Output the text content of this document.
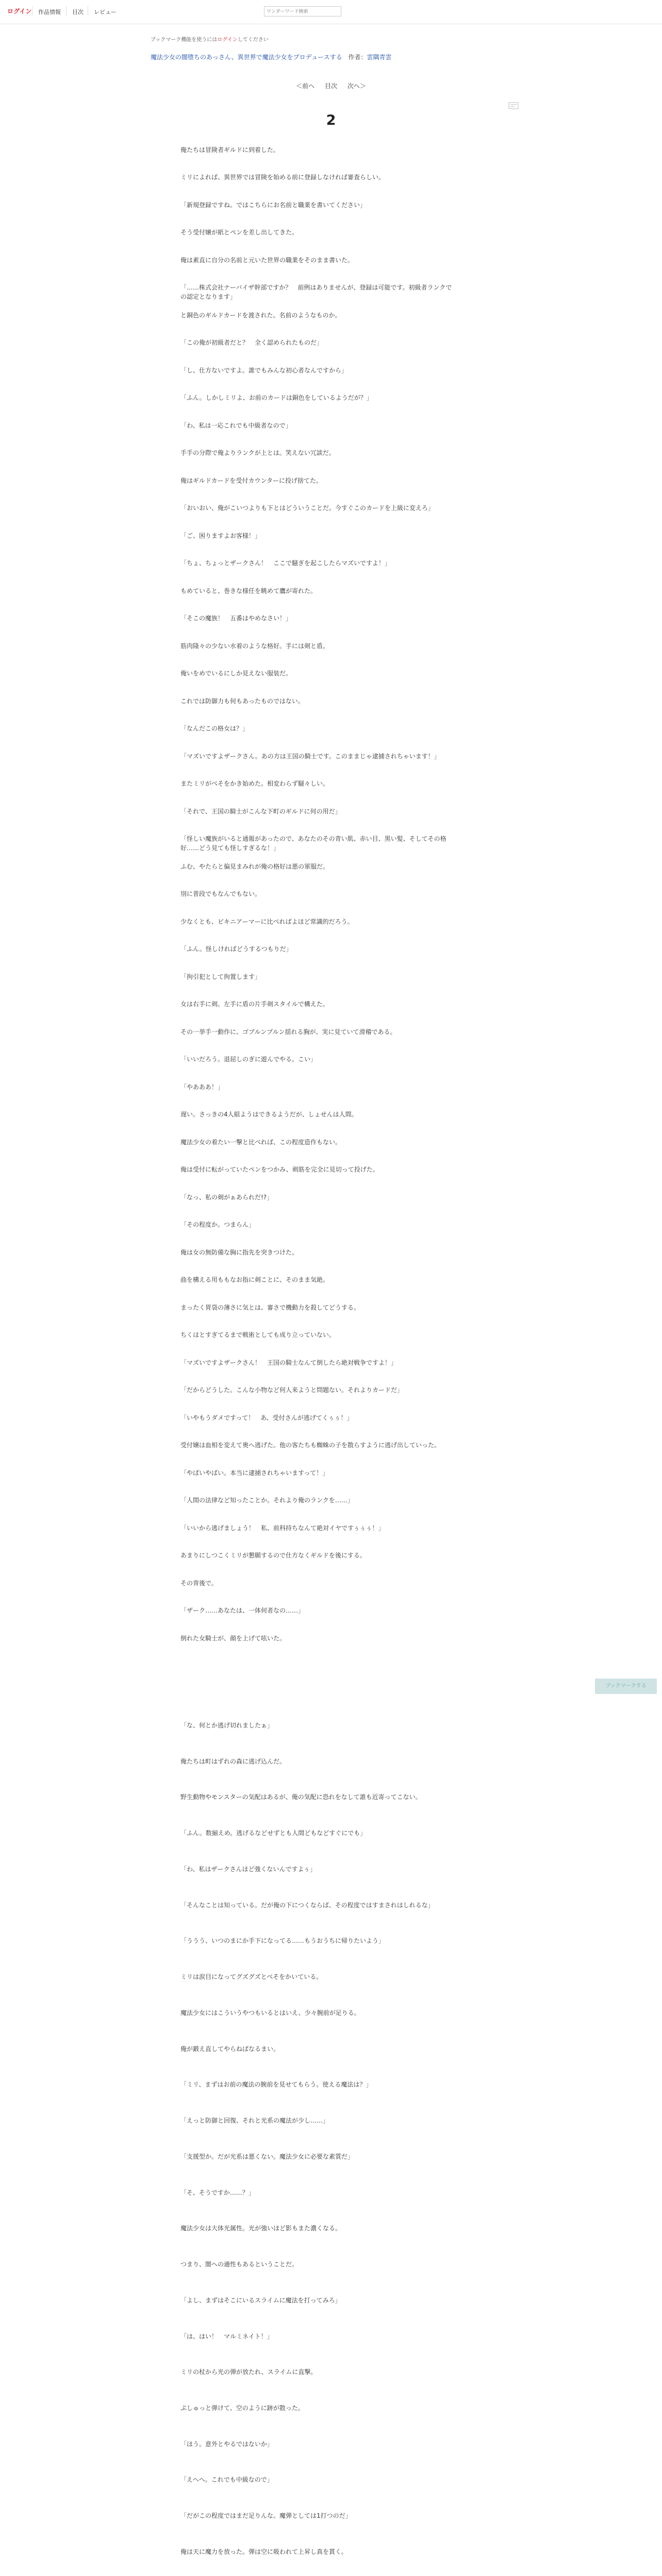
ログイン 作品情報 目次 レビュー
ワンダーワード検索
ブックマーク機能を使うにはログインしてください
魔法少女の闇堕ちのあっさん、異世界で魔法少女をプロデュースする 作者：雲隅青雲
＜前へ 目次 次へ＞
2

俺たちは冒険者ギルドに到着した。

ミリによれば、異世界では冒険を始める前に登録しなければ審査らしい。

「新規登録ですね。ではこちらにお名前と職業を書いてください」

そう受付嬢が紙とペンを差し出してきた。

俺は素直に自分の名前と元いた世界の職業をそのまま書いた。

「……株式会社ナーバイザ幹部ですか？　前例はありませんが、登録は可能です。初級者ランクでの認定となります」

と銅色のギルドカードを渡された。名前のようなものか。

「この俺が初級者だと？　全く認められたものだ」

「し、仕方ないですよ。誰でもみんな初心者なんですから」

「ふん。しかしミリよ、お前のカードは銅色をしているようだが？」

「わ、私は一応これでも中級者なので」

手手の分際で俺よりランクが上とは。笑えない冗談だ。

俺はギルドカードを受付カウンターに投げ捨てた。

「おいおい、俺がこいつよりも下とはどういうことだ。今すぐこのカードを上級に変えろ」

「ご、困りますよお客様！」

「ちょ、ちょっとザークさん！　ここで騒ぎを起こしたらマズいですよ！」

もめていると、巻きな様任を眺めて鷹が寄れた。

「そこの魔族！　五番はやめなさい！」

筋肉隆々の少ない水着のような格好。手には剣と盾。

俺いをめでいるにしか見えない服装だ。

これでは防御力も何もあったものではない。

「なんだこの格女は？」

「マズいですよザークさん。あの方は王国の騎士です。このままじゃ逮捕されちゃいます！」

またミリがべそをかき始めた。相変わらず騒々しい。

「それで、王国の騎士がこんな下町のギルドに何の用だ」

「怪しい魔族がいると通報があったので、あなたのその青い肌、赤い目、黒い髪、そしてその格好……どう見ても怪しすぎるな！」

ふむ、やたらと偏見まみれが俺の格好は悪の軍服だ。

別に普段でもなんでもない。

少なくとも、ビキニアーマーに比べればよほど常識的だろう。

「ふん。怪しければどうするつもりだ」

「拘引犯として拘置します」

女は右手に剣、左手に盾の片手剣スタイルで構えた。

その一挙手一動作に、ゴブルンブルン揺れる胸が、実に見ていて滑稽である。

「いいだろう。退屈しのぎに遊んでやる。こい」

「やあああ！」

遅い。さっきの4人組ようはできるようだが、しょせんは人間。

魔法少女の着たい一撃と比べれば、この程度造作もない。

俺は受付に転がっていたペンをつかみ、剣筋を完全に見切って投げた。

「なっ、私の剣がぁあられだ!?」

「その程度か。つまらん」

俺は女の無防備な胸に指先を突きつけた。

曲を構える用ももなお指に剣ことに、そのまま気絶。

まったく胃袋の薄さに気とは、審さで機動力を殺してどうする。

ちくはとすぎてるまで戦術としても成り立っていない。

「マズいですよザークさん！　王国の騎士なんて倒したら絶対戦争ですよ！」

「だからどうした。こんな小物など何人来ようと問題ない。それよりカードだ」

「いやもうダメですって！　あ、受付さんが逃げてくぅぅ！」

受付嬢は血相を変えて奥へ逃げた。他の客たちも蜘蛛の子を散らすように逃げ出していった。

「やばいやばい。本当に逮捕されちゃいますって！」

「人間の法律など知ったことか。それより俺のランクを……」

「いいから逃げましょう！　私、前科持ちなんて絶対イヤですぅぅぅ！」

あまりにしつこくミリが懇願するので仕方なくギルドを後にする。

その背後で。

「ザーク……あなたは、一体何者なの……」

倒れた女騎士が、顔を上げて呟いた。

「な、何とか逃げ切れましたぁ」

俺たちは町はずれの森に逃げ込んだ。

野生動物やモンスターの気配はあるが、俺の気配に恐れをなして誰も近寄ってこない。

「ふん。数揃えめ。逃げるなどせずとも人間どもなどすぐにでも」

「わ、私はザークさんほど強くないんですよぅ」

「そんなことは知っている。だが俺の下につくならば、その程度ではすまされはしれるな」

「ううう、いつのまにか手下になってる……もうおうちに帰りたいよう」

ミリは涙目になってグズグズとべそをかいている。

魔法少女にはこういうやつもいるとはいえ、少々腕前が足りる。

俺が鍛え直してやらねばなるまい。

「ミリ、まずはお前の魔法の腕前を見せてもらう。使える魔法は？」

「えっと防御と回復、それと光系の魔法が少し……」

「支援型か。だが光系は悪くない。魔法少女に必要な素質だ」

「そ、そうですか……？」

魔法少女は大体光属性。光が強いほど影もまた濃くなる。

つまり、闇への適性もあるということだ。

「よし、まずはそこにいるスライムに魔法を打ってみろ」

「は、はい！　マルミネイト！」

ミリの杖から光の弾が放たれ、スライムに直撃。

ぷしゅっと弾けて、空のように跡が散った。

「ほう。意外とやるではないか」

「えへへ。これでも中級なので」

「だがこの程度ではまだ足りんな。魔弾としては1打つのだ」

俺は天に魔力を放った。弾は空に吸われて上昇し真を貫く。

ブックマークする
